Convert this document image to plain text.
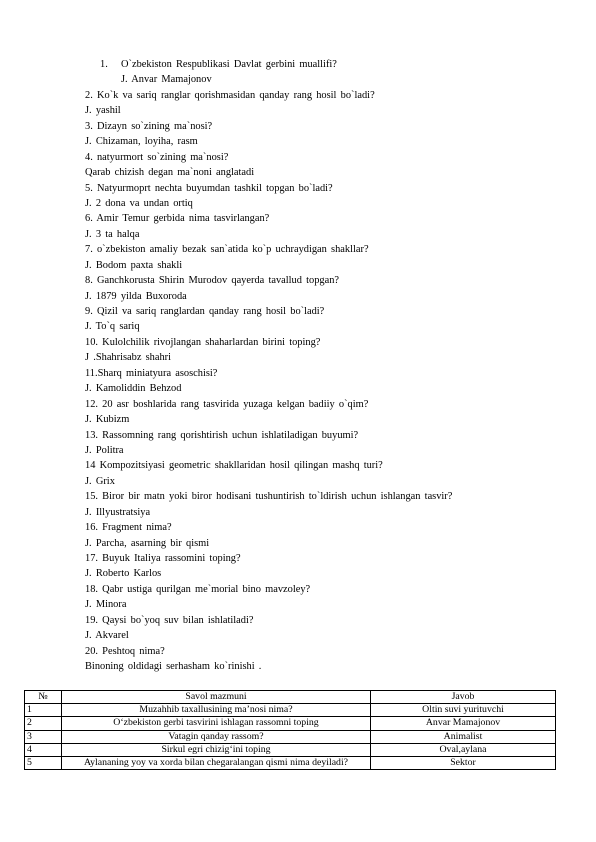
1. O`zbekiston Respublikasi Davlat gerbini muallifi?
J. Anvar Mamajonov
2. Ko`k va sariq ranglar qorishmasidan qanday rang hosil bo`ladi?
J. yashil
3. Dizayn so`zining ma`nosi?
J. Chizaman, loyiha, rasm
4. natyurmort so`zining ma`nosi?
Qarab chizish degan ma`noni anglatadi
5. Natyurmoprt nechta buyumdan tashkil topgan bo`ladi?
J. 2 dona va undan ortiq
6. Amir Temur gerbida nima tasvirlangan?
J. 3 ta halqa
7. o`zbekiston amaliy bezak san`atida ko`p uchraydigan shakllar?
J. Bodom paxta shakli
8. Ganchkorusta Shirin Murodov qayerda tavallud topgan?
J. 1879 yilda Buxoroda
9. Qizil va sariq ranglardan qanday rang hosil bo`ladi?
J. To`q sariq
10. Kulolchilik rivojlangan shaharlardan birini toping?
J .Shahrisabz shahri
11.Sharq miniatyura asoschisi?
J. Kamoliddin Behzod
12. 20 asr boshlarida rang tasvirida yuzaga kelgan badiiy o`qim?
J. Kubizm
13. Rassomning rang qorishtirish uchun ishlatiladigan buyumi?
J. Politra
14 Kompozitsiyasi geometric shakllaridan hosil qilingan mashq turi?
J. Grix
15. Biror bir matn yoki biror hodisani tushuntirish to`ldirish uchun ishlangan tasvir?
J. Illyustratsiya
16. Fragment nima?
J. Parcha, asarning bir qismi
17. Buyuk Italiya rassomini toping?
J. Roberto Karlos
18. Qabr ustiga qurilgan me`morial bino mavzoley?
J. Minora
19. Qaysi bo`yoq suv bilan ishlatiladi?
J. Akvarel
20. Peshtoq nima?
Binoning oldidagi serhasham ko`rinishi .
№	Savol mazmuni	Javob
1	Muzahhib taxallusining ma’nosi nima?	Oltin suvi yurituvchi
2	O‘zbekiston gerbi tasvirini ishlagan rassomni toping	Anvar Mamajonov
3	Vatagin qanday rassom?	Animalist
4	Sirkul egri chizig‘ini toping	Oval,aylana
5	Aylananing yoy va xorda bilan chegaralangan qismi nima deyiladi?	Sektor
